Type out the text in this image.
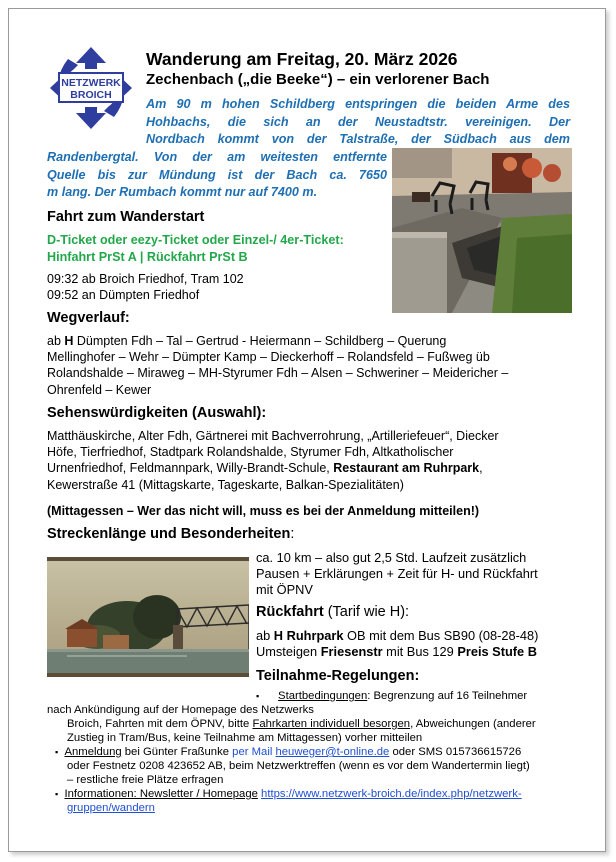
NETZWERK
BROICH
Wanderung am Freitag, 20. März 2026
Zechenbach („die Beeke“) – ein verlorener Bach
Am 90 m hohen Schildberg entspringen die beiden Arme des
Hohbachs, die sich an der Neustadtstr. vereinigen. Der
Nordbach kommt von der Talstraße, der Südbach aus dem
Randenbergtal. Von der am weitesten entfernte
Quelle bis zur Mündung ist der Bach ca. 7650
m lang. Der Rumbach kommt nur auf 7400 m.
Fahrt zum Wanderstart
D-Ticket oder eezy-Ticket oder Einzel-/ 4er-Ticket:
Hinfahrt PrSt A | Rückfahrt PrSt B
09:32 ab Broich Friedhof, Tram 102
09:52 an Dümpten Friedhof
Wegverlauf:
ab H Dümpten Fdh – Tal – Gertrud - Heiermann – Schildberg – Querung
Mellinghofer – Wehr – Dümpter Kamp – Dieckerhoff – Rolandsfeld – Fußweg üb
Rolandshalde – Miraweg – MH-Styrumer Fdh – Alsen – Schweriner – Meidericher –
Ohrenfeld – Kewer
Sehenswürdigkeiten (Auswahl):
Matthäuskirche, Alter Fdh, Gärtnerei mit Bachverrohrung, „Artilleriefeuer“, Diecker
Höfe, Tierfriedhof, Stadtpark Rolandshalde, Styrumer Fdh, Altkatholischer
Urnenfriedhof, Feldmannpark, Willy-Brandt-Schule, Restaurant am Ruhrpark,
Kewerstraße 41 (Mittagskarte, Tageskarte, Balkan-Spezialitäten)
(Mittagessen – Wer das nicht will, muss es bei der Anmeldung mitteilen!)
Streckenlänge und Besonderheiten:
ca. 10 km – also gut 2,5 Std. Laufzeit zusätzlich
Pausen + Erklärungen + Zeit für H- und Rückfahrt
mit ÖPNV
Rückfahrt (Tarif wie H):
ab H Ruhrpark OB mit dem Bus SB90 (08-28-48)
Umsteigen Friesenstr mit Bus 129 Preis Stufe B
Teilnahme-Regelungen:
▪ Startbedingungen: Begrenzung auf 16 Teilnehmer
nach Ankündigung auf der Homepage des Netzwerks
Broich, Fahrten mit dem ÖPNV, bitte Fahrkarten individuell besorgen, Abweichungen (anderer
Zustieg in Tram/Bus, keine Teilnahme am Mittagessen) vorher mitteilen
▪ Anmeldung bei Günter Fraßunke per Mail heuweger@t-online.de oder SMS 015736615726
oder Festnetz 0208 423652 AB, beim Netzwerktreffen (wenn es vor dem Wandertermin liegt)
– restliche freie Plätze erfragen
▪ Informationen: Newsletter / Homepage https://www.netzwerk-broich.de/index.php/netzwerk-
gruppen/wandern
